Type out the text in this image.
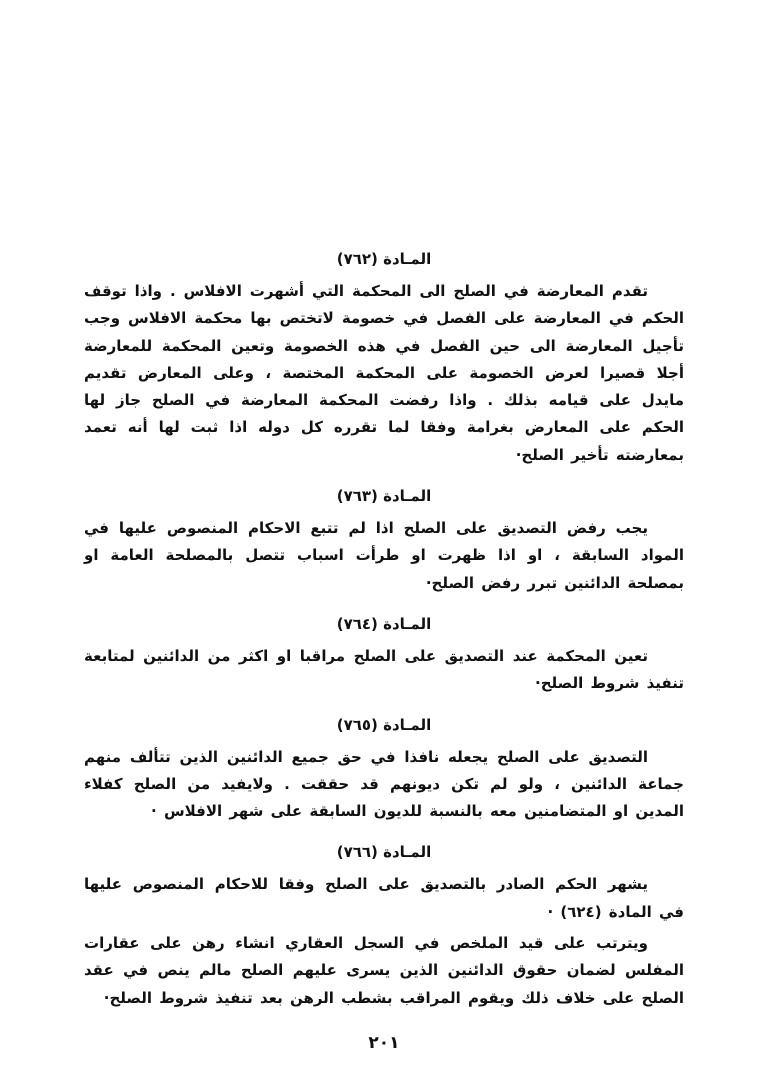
المـادة (٧٦٢)

تقدم المعارضة في الصلح الى المحكمة التي أشهرت الافلاس . واذا توقف الحكم في المعارضة على الفصل في خصومة لاتختص بها محكمة الافلاس وجب تأجيل المعارضة الى حين الفصل في هذه الخصومة وتعين المحكمة للمعارضة أجلا قصيرا لعرض الخصومة على المحكمة المختصة ، وعلى المعارض تقديم مايدل على قيامه بذلك . واذا رفضت المحكمة المعارضة في الصلح جاز لها الحكم على المعارض بغرامة وفقا لما تقرره كل دوله اذا ثبت لها أنه تعمد بمعارضته تأخير الصلح·

المـادة (٧٦٣)

يجب رفض التصديق على الصلح اذا لم تتبع الاحكام المنصوص عليها في المواد السابقة ، او اذا ظهرت او طرأت اسباب تتصل بالمصلحة العامة او بمصلحة الدائنين تبرر رفض الصلح·

المـادة (٧٦٤)

تعين المحكمة عند التصديق على الصلح مراقبا او اكثر من الدائنين لمتابعة تنفيذ شروط الصلح·

المـادة (٧٦٥)

التصديق على الصلح يجعله نافذا في حق جميع الدائنين الذين تتألف منهم جماعة الدائنين ، ولو لم تكن ديونهم قد حققت . ولايفيد من الصلح كفلاء المدين او المتضامنين معه بالنسبة للديون السابقة على شهر الافلاس ·

المـادة (٧٦٦)

يشهر الحكم الصادر بالتصديق على الصلح وفقا للاحكام المنصوص عليها في المادة (٦٢٤) ·

ويترتب على قيد الملخص في السجل العقاري انشاء رهن على عقارات المفلس لضمان حقوق الدائنين الذين يسرى عليهم الصلح مالم ينص في عقد الصلح على خلاف ذلك ويقوم المراقب بشطب الرهن بعد تنفيذ شروط الصلح·

٢٠١
